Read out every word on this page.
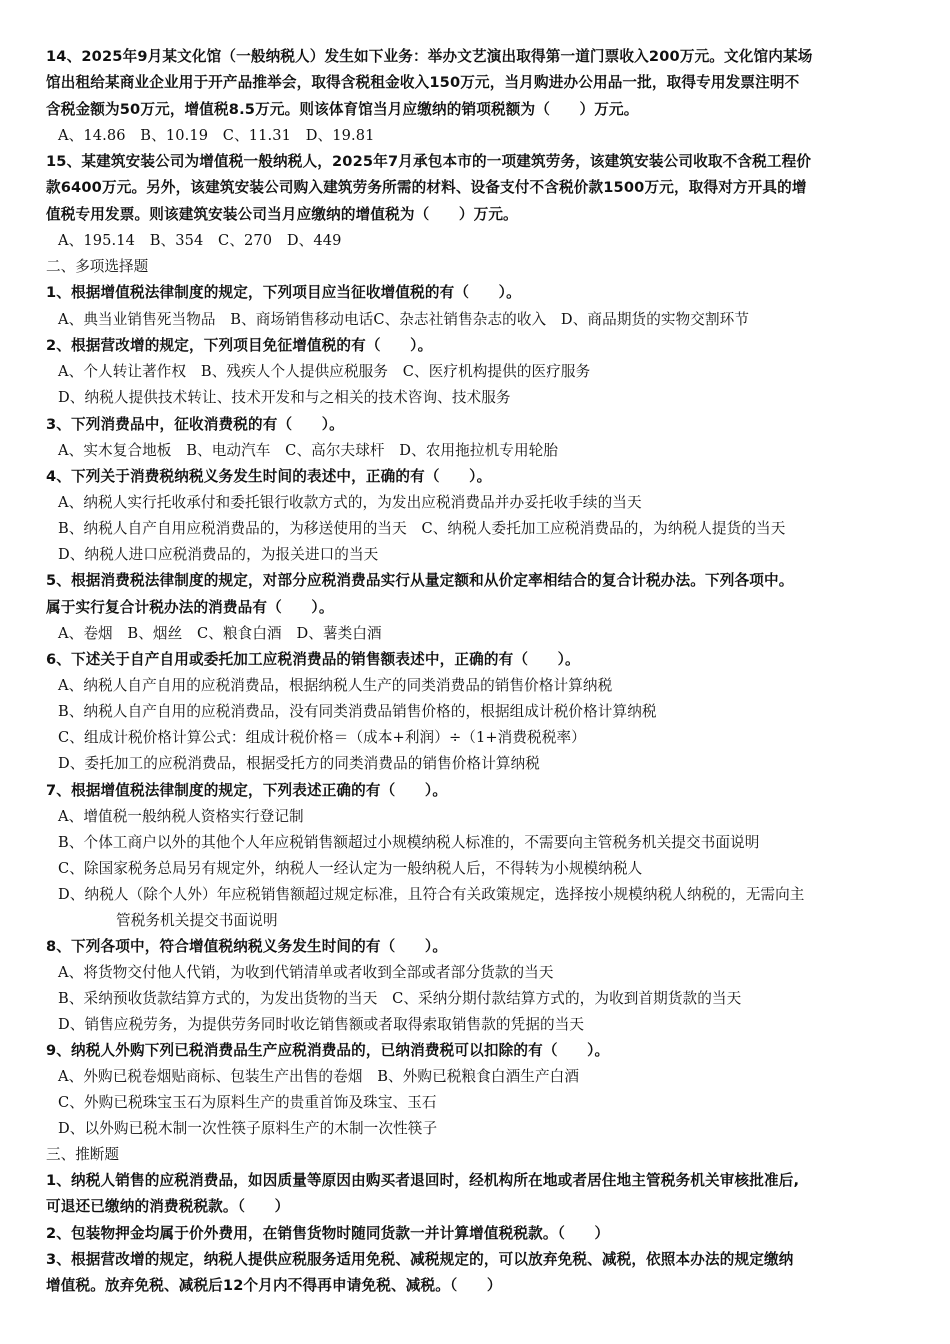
14、2025年9月某文化馆（一般纳税人）发生如下业务：举办文艺演出取得第一道门票收入200万元。文化馆内某场
馆出租给某商业企业用于开产品推举会，取得含税租金收入150万元，当月购进办公用品一批，取得专用发票注明不
含税金额为50万元，增值税8.5万元。则该体育馆当月应缴纳的销项税额为（　　）万元。
A、14.86　B、10.19　C、11.31　D、19.81
15、某建筑安装公司为增值税一般纳税人，2025年7月承包本市的一项建筑劳务，该建筑安装公司收取不含税工程价
款6400万元。另外，该建筑安装公司购入建筑劳务所需的材料、设备支付不含税价款1500万元，取得对方开具的增
值税专用发票。则该建筑安装公司当月应缴纳的增值税为（　　）万元。
A、195.14　B、354　C、270　D、449
二、多项选择题
1、根据增值税法律制度的规定，下列项目应当征收增值税的有（　　）。
A、典当业销售死当物品　B、商场销售移动电话C、杂志社销售杂志的收入　D、商品期货的实物交割环节
2、根据营改增的规定，下列项目免征增值税的有（　　）。
A、个人转让著作权　B、残疾人个人提供应税服务　C、医疗机构提供的医疗服务
D、纳税人提供技术转让、技术开发和与之相关的技术咨询、技术服务
3、下列消费品中，征收消费税的有（　　）。
A、实木复合地板　B、电动汽车　C、高尔夫球杆　D、农用拖拉机专用轮胎
4、下列关于消费税纳税义务发生时间的表述中，正确的有（　　）。
A、纳税人实行托收承付和委托银行收款方式的，为发出应税消费品并办妥托收手续的当天
B、纳税人自产自用应税消费品的，为移送使用的当天　C、纳税人委托加工应税消费品的，为纳税人提货的当天
D、纳税人进口应税消费品的，为报关进口的当天
5、根据消费税法律制度的规定，对部分应税消费品实行从量定额和从价定率相结合的复合计税办法。下列各项中。
属于实行复合计税办法的消费品有（　　）。
A、卷烟　B、烟丝　C、粮食白酒　D、薯类白酒
6、下述关于自产自用或委托加工应税消费品的销售额表述中，正确的有（　　）。
A、纳税人自产自用的应税消费品，根据纳税人生产的同类消费品的销售价格计算纳税
B、纳税人自产自用的应税消费品，没有同类消费品销售价格的，根据组成计税价格计算纳税
C、组成计税价格计算公式：组成计税价格＝（成本+利润）÷（1+消费税税率）
D、委托加工的应税消费品，根据受托方的同类消费品的销售价格计算纳税
7、根据增值税法律制度的规定，下列表述正确的有（　　）。
A、增值税一般纳税人资格实行登记制
B、个体工商户以外的其他个人年应税销售额超过小规模纳税人标准的，不需要向主管税务机关提交书面说明
C、除国家税务总局另有规定外，纳税人一经认定为一般纳税人后，不得转为小规模纳税人
D、纳税人（除个人外）年应税销售额超过规定标准，且符合有关政策规定，选择按小规模纳税人纳税的，无需向主
管税务机关提交书面说明
8、下列各项中，符合增值税纳税义务发生时间的有（　　）。
A、将货物交付他人代销，为收到代销清单或者收到全部或者部分货款的当天
B、采纳预收货款结算方式的，为发出货物的当天　C、采纳分期付款结算方式的，为收到首期货款的当天
D、销售应税劳务，为提供劳务同时收讫销售额或者取得索取销售款的凭据的当天
9、纳税人外购下列已税消费品生产应税消费品的，已纳消费税可以扣除的有（　　）。
A、外购已税卷烟贴商标、包装生产出售的卷烟　B、外购已税粮食白酒生产白酒
C、外购已税珠宝玉石为原料生产的贵重首饰及珠宝、玉石
D、以外购已税木制一次性筷子原料生产的木制一次性筷子
三、推断题
1、纳税人销售的应税消费品，如因质量等原因由购买者退回时，经机构所在地或者居住地主管税务机关审核批准后,
可退还已缴纳的消费税税款。（　　）
2、包装物押金均属于价外费用，在销售货物时随同货款一并计算增值税税款。（　　）
3、根据营改增的规定，纳税人提供应税服务适用免税、减税规定的，可以放弃免税、减税，依照本办法的规定缴纳
增值税。放弃免税、减税后12个月内不得再申请免税、减税。（　　）
